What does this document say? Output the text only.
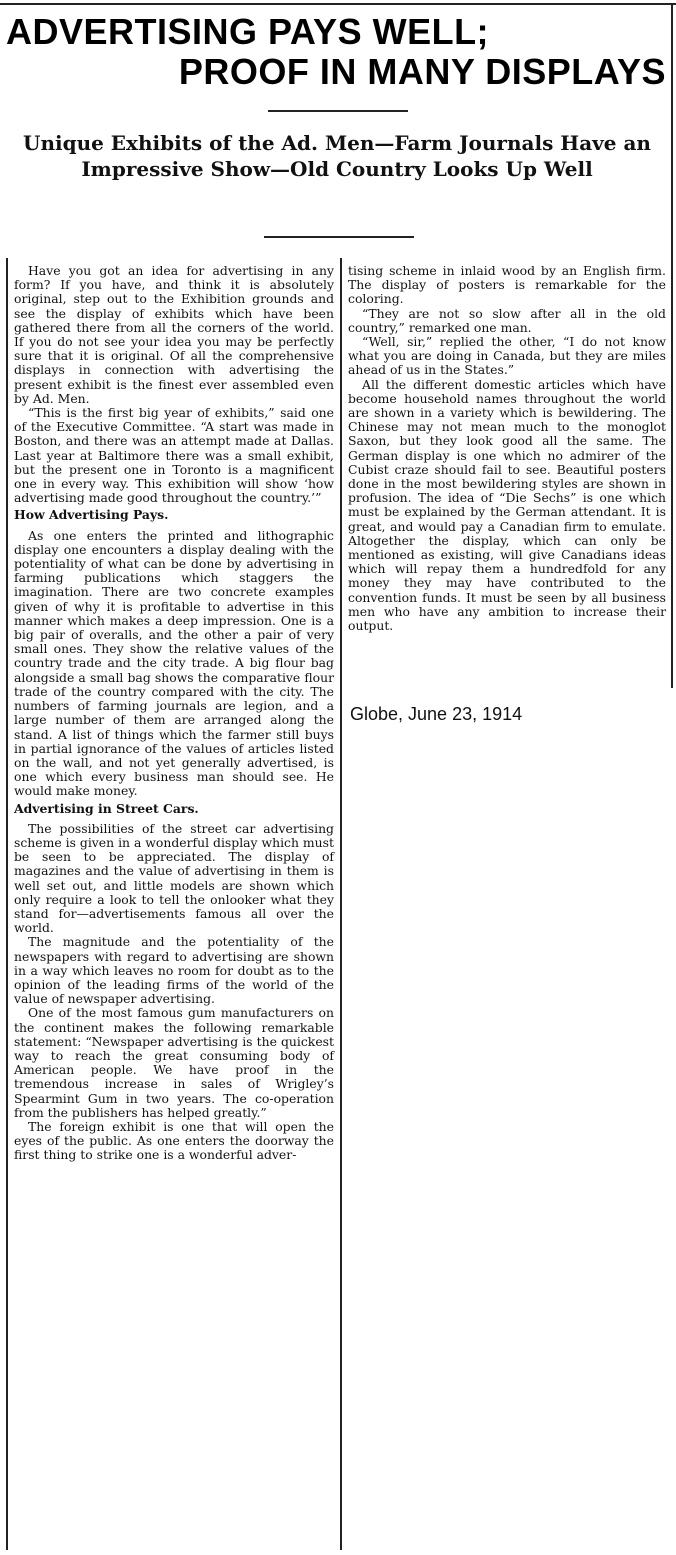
ADVERTISING PAYS WELL;
PROOF IN MANY DISPLAYS
Unique Exhibits of the Ad. Men—Farm Journals Have an Impressive Show—Old Country Looks Up Well

Have you got an idea for advertising in any form? If you have, and think it is absolutely original, step out to the Exhibition grounds and see the display of exhibits which have been gathered there from all the corners of the world. If you do not see your idea you may be perfectly sure that it is original. Of all the comprehensive displays in connection with advertising the present exhibit is the finest ever assembled even by Ad. Men.

“This is the first big year of exhibits,” said one of the Executive Committee. “A start was made in Boston, and there was an attempt made at Dallas. Last year at Baltimore there was a small exhibit, but the present one in Toronto is a magnificent one in every way. This exhibition will show ‘how advertising made good throughout the country.’”

How Advertising Pays.

As one enters the printed and lithographic display one encounters a display dealing with the potentiality of what can be done by advertising in farming publications which staggers the imagination. There are two concrete examples given of why it is profitable to advertise in this manner which makes a deep impression. One is a big pair of overalls, and the other a pair of very small ones. They show the relative values of the country trade and the city trade. A big flour bag alongside a small bag shows the comparative flour trade of the country compared with the city. The numbers of farming journals are legion, and a large number of them are arranged along the stand. A list of things which the farmer still buys in partial ignorance of the values of articles listed on the wall, and not yet generally advertised, is one which every business man should see. He would make money.

Advertising in Street Cars.

The possibilities of the street car advertising scheme is given in a wonderful display which must be seen to be appreciated. The display of magazines and the value of advertising in them is well set out, and little models are shown which only require a look to tell the onlooker what they stand for—advertisements famous all over the world.

The magnitude and the potentiality of the newspapers with regard to advertising are shown in a way which leaves no room for doubt as to the opinion of the leading firms of the world of the value of newspaper advertising.

One of the most famous gum manufacturers on the continent makes the following remarkable statement: “Newspaper advertising is the quickest way to reach the great consuming body of American people. We have proof in the tremendous increase in sales of Wrigley’s Spearmint Gum in two years. The co-operation from the publishers has helped greatly.”

The foreign exhibit is one that will open the eyes of the public. As one enters the doorway the first thing to strike one is a wonderful adver-

tising scheme in inlaid wood by an English firm. The display of posters is remarkable for the coloring.

“They are not so slow after all in the old country,” remarked one man.

“Well, sir,” replied the other, “I do not know what you are doing in Canada, but they are miles ahead of us in the States.”

All the different domestic articles which have become household names throughout the world are shown in a variety which is bewildering. The Chinese may not mean much to the monoglot Saxon, but they look good all the same. The German display is one which no admirer of the Cubist craze should fail to see. Beautiful posters done in the most bewildering styles are shown in profusion. The idea of “Die Sechs” is one which must be explained by the German attendant. It is great, and would pay a Canadian firm to emulate. Altogether the display, which can only be mentioned as existing, will give Canadians ideas which will repay them a hundredfold for any money they may have contributed to the convention funds. It must be seen by all business men who have any ambition to increase their output.

Globe, June 23, 1914
